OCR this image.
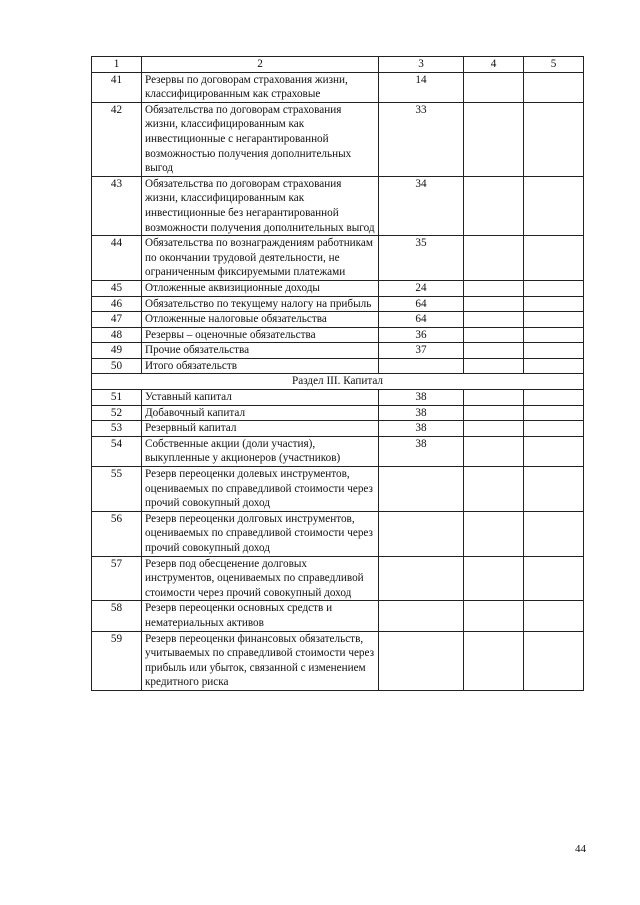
1	2	3	4	5
41	Резервы по договорам страхования жизни, классифицированным как страховые	14		
42	Обязательства по договорам страхования жизни, классифицированным как инвестиционные с негарантированной возможностью получения дополнительных выгод	33		
43	Обязательства по договорам страхования жизни, классифицированным как инвестиционные без негарантированной возможности получения дополнительных выгод	34		
44	Обязательства по вознаграждениям работникам по окончании трудовой деятельности, не ограниченным фиксируемыми платежами	35		
45	Отложенные аквизиционные доходы	24		
46	Обязательство по текущему налогу на прибыль	64		
47	Отложенные налоговые обязательства	64		
48	Резервы – оценочные обязательства	36		
49	Прочие обязательства	37		
50	Итого обязательств			
Раздел III. Капитал				
51	Уставный капитал	38		
52	Добавочный капитал	38		
53	Резервный капитал	38		
54	Собственные акции (доли участия), выкупленные у акционеров (участников)	38		
55	Резерв переоценки долевых инструментов, оцениваемых по справедливой стоимости через прочий совокупный доход			
56	Резерв переоценки долговых инструментов, оцениваемых по справедливой стоимости через прочий совокупный доход			
57	Резерв под обесценение долговых инструментов, оцениваемых по справедливой стоимости через прочий совокупный доход			
58	Резерв переоценки основных средств и нематериальных активов			
59	Резерв переоценки финансовых обязательств, учитываемых по справедливой стоимости через прибыль или убыток, связанной с изменением кредитного риска			
44
